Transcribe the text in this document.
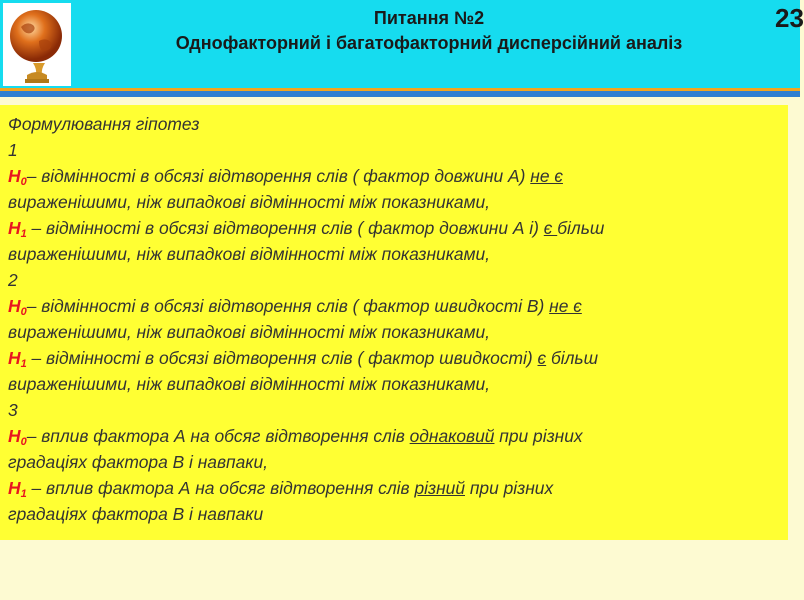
Питання №2
Однофакторний і багатофакторний дисперсійний аналіз
23
Формулювання гіпотез
1
$H_0-$ відмінності в обсязі відтворення слів ( фактор довжини А) не є
вираженішими, ніж випадкові відмінності між показниками,
$H_1$ – відмінності в обсязі відтворення слів ( фактор довжини А і) є більш
вираженішими, ніж випадкові відмінності між показниками,
2
$H_0-$ відмінності в обсязі відтворення слів ( фактор швидкості В) не є
вираженішими, ніж випадкові відмінності між показниками,
$H_1$ – відмінності в обсязі відтворення слів ( фактор швидкості) є більш
вираженішими, ніж випадкові відмінності між показниками,
3
$H_0-$ вплив фактора А на обсяг відтворення слів однаковий при різних
градаціях фактора В і навпаки,
$H_1$ – вплив фактора А на обсяг відтворення слів різний при різних
градаціях фактора В і навпаки
